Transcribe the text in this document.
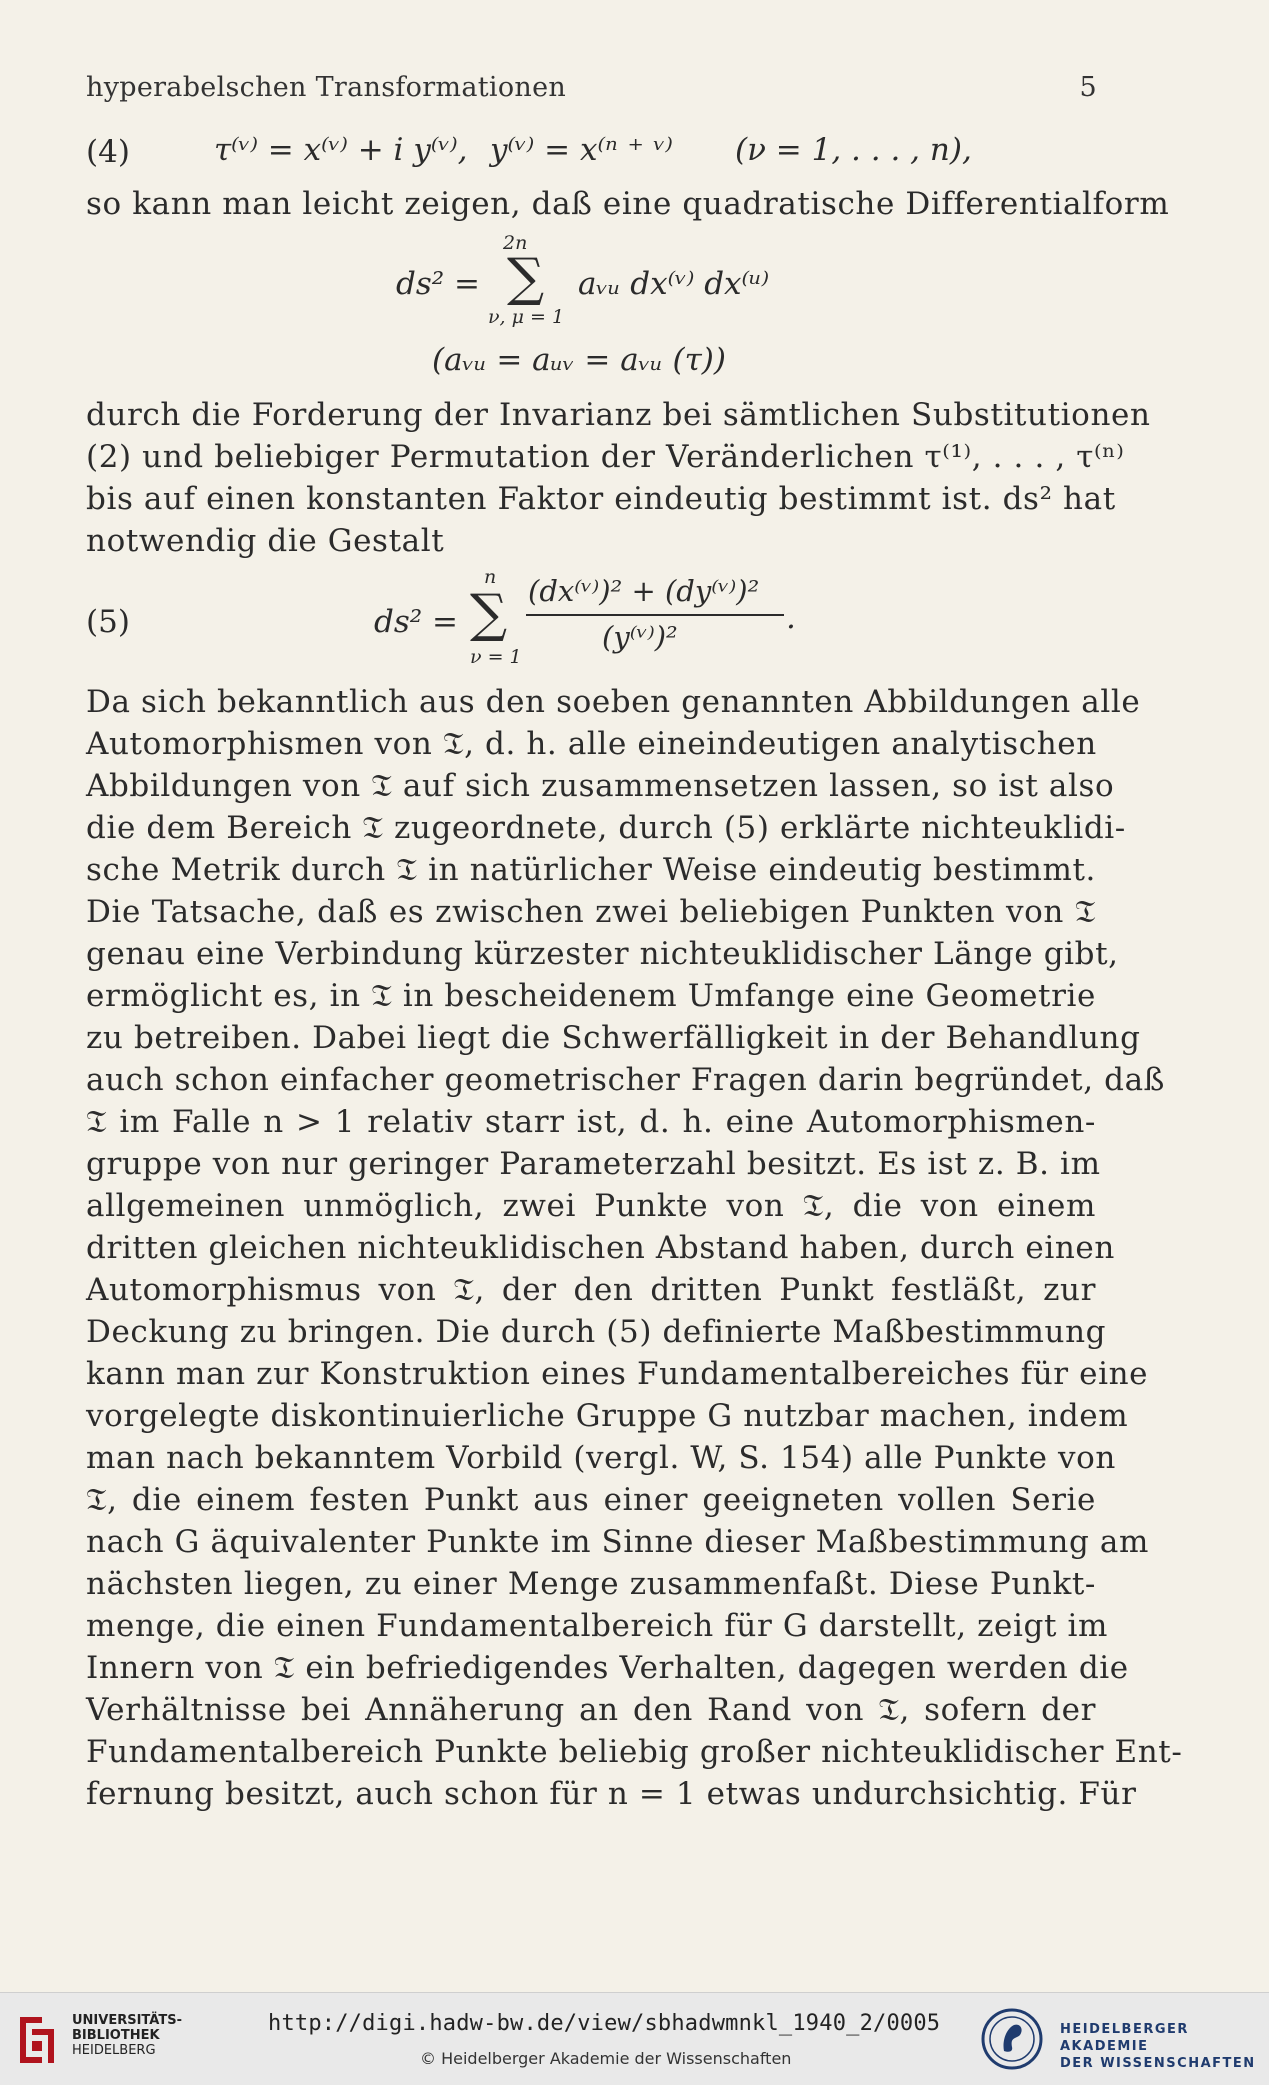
hyperabelschen Transformationen	5
(4)	τ⁽ᵛ⁾ = x⁽ᵛ⁾ + i y⁽ᵛ⁾, y⁽ᵛ⁾ = x⁽ⁿ ⁺ ᵛ⁾ (ν = 1, . . . , n),
so kann man leicht zeigen, daß eine quadratische Differentialform
2n
ds² = ∑ aᵥᵤ dx⁽ᵛ⁾ dx⁽ᵘ⁾
ν, μ = 1
(aᵥᵤ = aᵤᵥ = aᵥᵤ (τ))
durch die Forderung der Invarianz bei sämtlichen Substitutionen
(2) und beliebiger Permutation der Veränderlichen τ⁽¹⁾, . . . , τ⁽ⁿ⁾
bis auf einen konstanten Faktor eindeutig bestimmt ist. ds² hat
notwendig die Gestalt
(5)	ds² =
n
∑
ν = 1
(dx⁽ᵛ⁾)² + (dy⁽ᵛ⁾)²
(y⁽ᵛ⁾)²
.
Da sich bekanntlich aus den soeben genannten Abbildungen alle
Automorphismen von 𝔗, d. h. alle eineindeutigen analytischen
Abbildungen von 𝔗 auf sich zusammensetzen lassen, so ist also
die dem Bereich 𝔗 zugeordnete, durch (5) erklärte nichteuklidi-
sche Metrik durch 𝔗 in natürlicher Weise eindeutig bestimmt.
Die Tatsache, daß es zwischen zwei beliebigen Punkten von 𝔗
genau eine Verbindung kürzester nichteuklidischer Länge gibt,
ermöglicht es, in 𝔗 in bescheidenem Umfange eine Geometrie
zu betreiben. Dabei liegt die Schwerfälligkeit in der Behandlung
auch schon einfacher geometrischer Fragen darin begründet, daß
𝔗 im Falle n > 1 relativ starr ist, d. h. eine Automorphismen-
gruppe von nur geringer Parameterzahl besitzt. Es ist z. B. im
allgemeinen unmöglich, zwei Punkte von 𝔗, die von einem
dritten gleichen nichteuklidischen Abstand haben, durch einen
Automorphismus von 𝔗, der den dritten Punkt festläßt, zur
Deckung zu bringen. Die durch (5) definierte Maßbestimmung
kann man zur Konstruktion eines Fundamentalbereiches für eine
vorgelegte diskontinuierliche Gruppe G nutzbar machen, indem
man nach bekanntem Vorbild (vergl. W, S. 154) alle Punkte von
𝔗, die einem festen Punkt aus einer geeigneten vollen Serie
nach G äquivalenter Punkte im Sinne dieser Maßbestimmung am
nächsten liegen, zu einer Menge zusammenfaßt. Diese Punkt-
menge, die einen Fundamentalbereich für G darstellt, zeigt im
Innern von 𝔗 ein befriedigendes Verhalten, dagegen werden die
Verhältnisse bei Annäherung an den Rand von 𝔗, sofern der
Fundamentalbereich Punkte beliebig großer nichteuklidischer Ent-
fernung besitzt, auch schon für n = 1 etwas undurchsichtig. Für
UNIVERSITÄTS-
BIBLIOTHEK
HEIDELBERG
http://digi.hadw-bw.de/view/sbhadwmnkl_1940_2/0005
© Heidelberger Akademie der Wissenschaften
HEIDELBERGER AKADEMIE
DER WISSENSCHAFTEN
